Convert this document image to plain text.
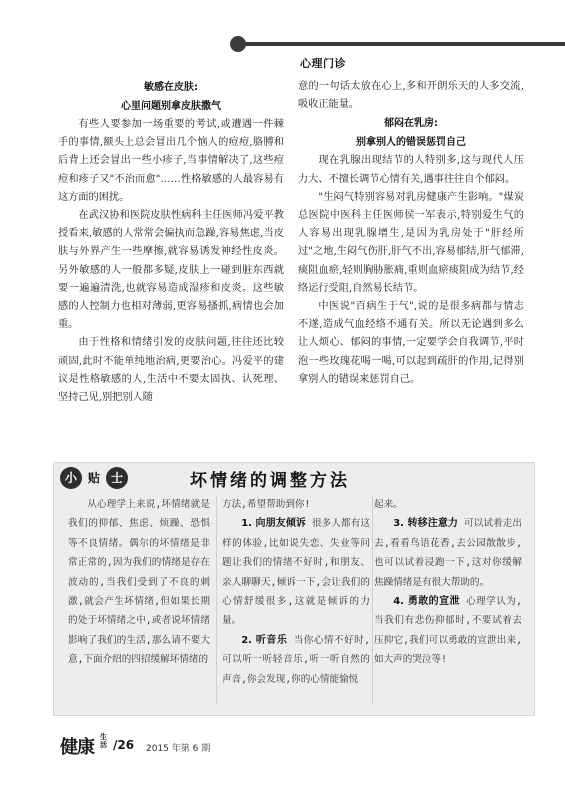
心理门诊
敏感在皮肤:
心里问题别拿皮肤撒气

有些人要参加一场重要的考试,或遭遇一件棘手的事情,额头上总会冒出几个恼人的痘痘,胳膊和后背上还会冒出一些小疹子,当事情解决了,这些痘痘和疹子又"不治而愈"……性格敏感的人最容易有这方面的困扰。

在武汉协和医院皮肤性病科主任医师冯爱平教授看来,敏感的人常常会偏执而急躁,容易焦虑,当皮肤与外界产生一些摩擦,就容易诱发神经性皮炎。另外敏感的人一般都多疑,皮肤上一碰到脏东西就要一遍遍清洗,也就容易造成湿疹和皮炎。这些敏感的人控制力也相对薄弱,更容易搔抓,病情也会加重。

由于性格和情绪引发的皮肤问题,往往还比较顽固,此时不能单纯地治病,更要治心。冯爱平的建议是性格敏感的人,生活中不要太固执、认死理、坚持己见,别把别人随

意的一句话太放在心上,多和开朗乐天的人多交流,吸收正能量。

郁闷在乳房:
别拿别人的错误惩罚自己

现在乳腺出现结节的人特别多,这与现代人压力大、不擅长调节心情有关,遇事往往自个郁闷。

"生闷气特别容易对乳房健康产生影响。"煤炭总医院中医科主任医师侯一军表示,特别爱生气的人容易出现乳腺增生,是因为乳房处于"肝经所过"之地,生闷气伤肝,肝气不出,容易郁结,肝气郁滞,痰阻血瘀,轻则胸胁胀痛,重则血瘀痰阻成为结节,经络运行受阻,自然易长结节。

中医说"百病生于气",说的是很多病都与情志不遂,造成气血经络不通有关。所以无论遇到多么让人烦心、郁闷的事情,一定要学会自我调节,平时泡一些玫瑰花喝一喝,可以起到疏肝的作用,记得别拿别人的错误来惩罚自己。

小 贴 士	坏情绪的调整方法

从心理学上来说,坏情绪就是我们的抑郁、焦虑、烦躁、恐惧等不良情绪。偶尔的坏情绪是非常正常的,因为我们的情绪是存在波动的,当我们受到了不良的刺激,就会产生坏情绪,但如果长期的处于坏情绪之中,或者说坏情绪影响了我们的生活,那么请不要大意,下面介绍的四招缓解坏情绪的

方法,希望帮助到你!

1. 向朋友倾诉 很多人都有这样的体验,比如说失恋、失业等问题让我们的情绪不好时,和朋友、亲人聊聊天,倾诉一下,会让我们的心情舒缓很多,这就是倾诉的力量。

2. 听音乐 当你心情不好时,可以听一听轻音乐,听一听自然的声音,你会发现,你的心情能愉悦

起来。

3. 转移注意力 可以试着走出去,看看鸟语花香,去公园散散步,也可以试着浸跑一下,这对你缓解焦躁情绪是有很大帮助的。

4. 勇敢的宣泄 心理学认为,当我们有悲伤抑郁时,不要试着去压抑它,我们可以勇敢的宣泄出来,如大声的哭泣等!

健康 生活 /26 2015 年第 6 期
